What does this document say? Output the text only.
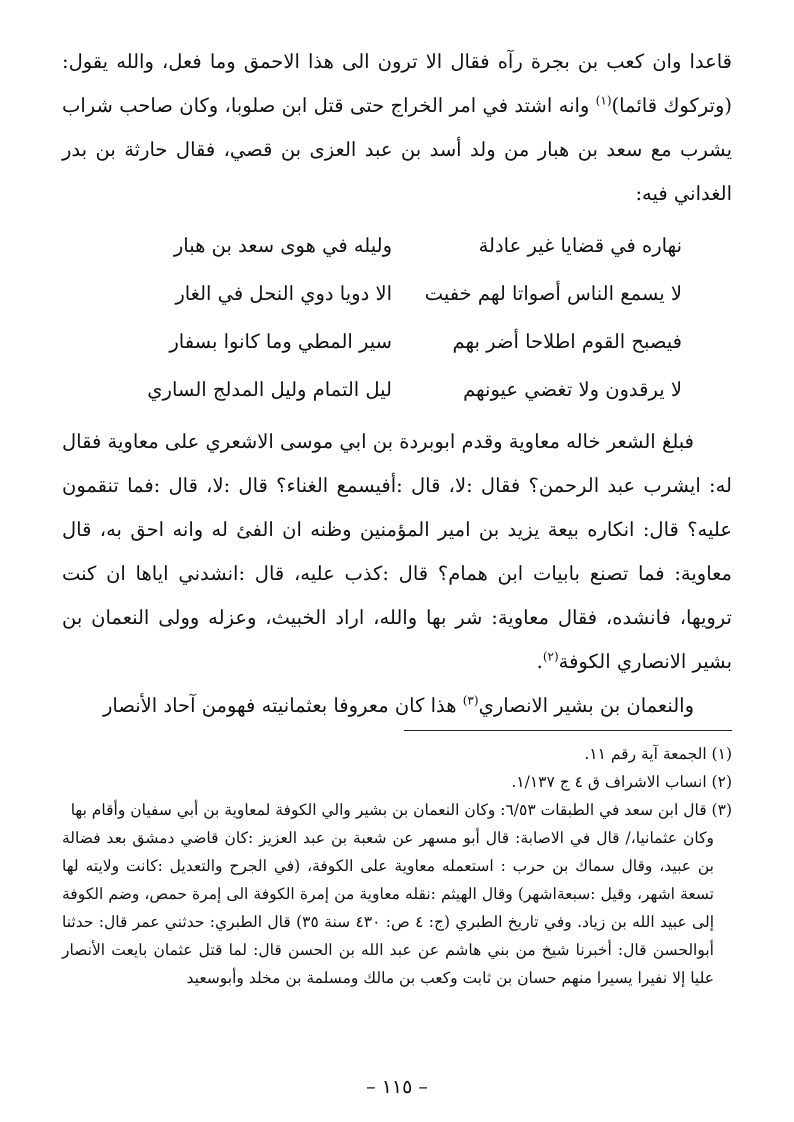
قاعدا وان كعب بن بجرة رآه فقال الا ترون الى هذا الاحمق وما فعل، والله يقول: (وتركوك قائما)$^{(١)}$ وانه اشتد في امر الخراج حتى قتل ابن صلوبا، وكان صاحب شراب يشرب مع سعد بن هبار من ولد أسد بن عبد العزى بن قصي، فقال حارثة بن بدر الغداني فيه:

نهاره في قضايا غير عادلة
وليله في هوى سعد بن هبار
لا يسمع الناس أصواتا لهم خفيت
الا دويا دوي النحل في الغار
فيصبح القوم اطلاحا أضر بهم
سير المطي وما كانوا بسفار
لا يرقدون ولا تغضي عيونهم
ليل التمام وليل المدلج الساري

فبلغ الشعر خاله معاوية وقدم ابوبردة بن ابي موسى الاشعري على معاوية فقال له: ايشرب عبد الرحمن؟ فقال :لا، قال :أفيسمع الغناء؟ قال :لا، قال :فما تنقمون عليه؟ قال: انكاره بيعة يزيد بن امير المؤمنين وظنه ان الفئ له وانه احق به، قال معاوية: فما تصنع بابيات ابن همام؟ قال :كذب عليه، قال :انشدني اياها ان كنت ترويها، فانشده، فقال معاوية: شر بها والله، اراد الخبيث، وعزله وولى النعمان بن بشير الانصاري الكوفة$^{(٢)}$.

والنعمان بن بشير الانصاري$^{(٣)}$ هذا كان معروفا بعثمانيته فهومن آحاد الأنصار

(١) الجمعة آية رقم ١١.

(٢) انساب الاشراف ق ٤ ج ١/١٣٧.

(٣) قال ابن سعد في الطبقات ٦/٥٣: وكان النعمان بن بشير والي الكوفة لمعاوية بن أبي سفيان وأقام بها

وكان عثمانيا،/ قال في الاصابة: قال أبو مسهر عن شعبة بن عبد العزيز :كان قاضي دمشق بعد فضالة بن عبيد، وقال سماك بن حرب : استعمله معاوية على الكوفة، (في الجرح والتعديل :كانت ولايته لها تسعة اشهر، وقيل :سبعةاشهر) وقال الهيثم :نقله معاوية من إمرة الكوفة الى إمرة حمص، وضم الكوفة إلى عبيد الله بن زياد. وفي تاريخ الطبري (ج: ٤ ص: ٤٣٠ سنة ٣٥) قال الطبري: حدثني عمر قال: حدثنا أبوالحسن قال: أخبرنا شيخ من بني هاشم عن عبد الله بن الحسن قال: لما قتل عثمان بايعت الأنصار عليا إلا نفيرا يسيرا منهم حسان بن ثابت وكعب بن مالك ومسلمة بن مخلد وأبوسعيد

– ١١٥ –
